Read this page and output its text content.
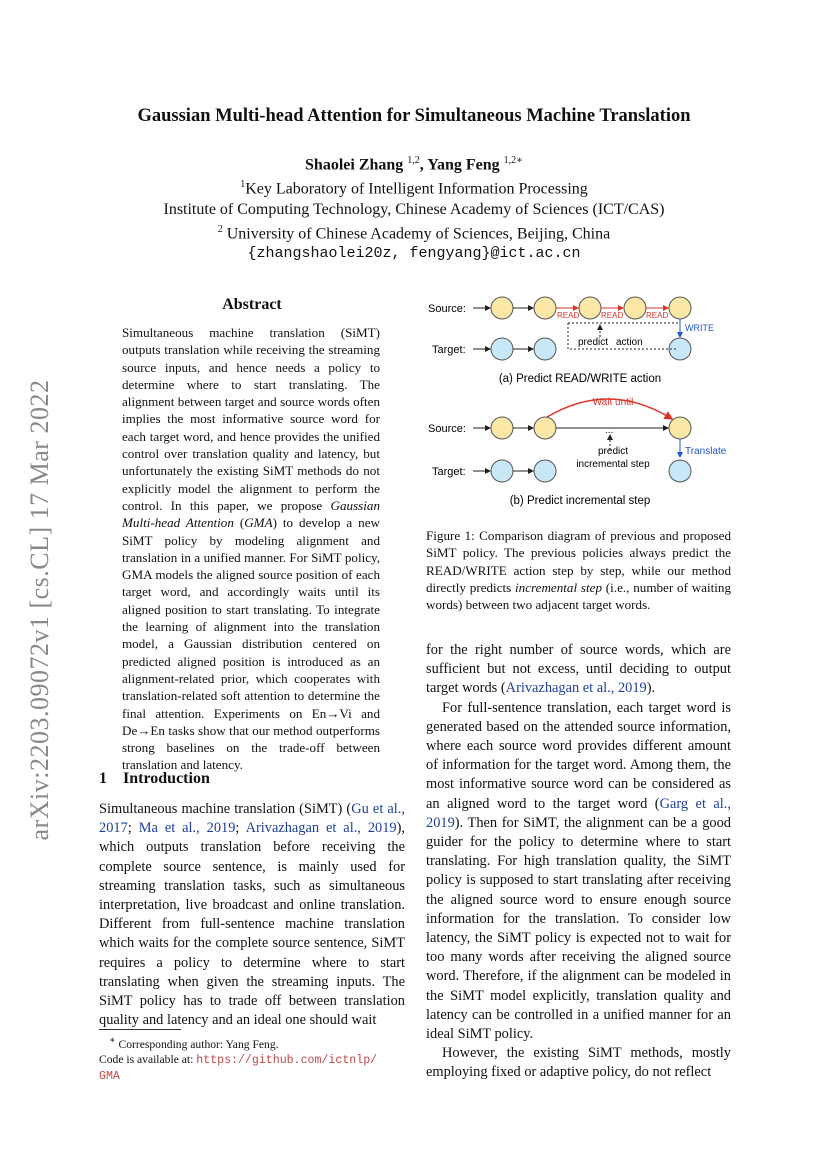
Gaussian Multi-head Attention for Simultaneous Machine Translation
Shaolei Zhang $^{1,2}$, Yang Feng $^{1,2∗}$
$^1$Key Laboratory of Intelligent Information Processing
Institute of Computing Technology, Chinese Academy of Sciences (ICT/CAS)
$^2$ University of Chinese Academy of Sciences, Beijing, China
{zhangshaolei20z, fengyang}@ict.ac.cn
arXiv:2203.09072v1 [cs.CL] 17 Mar 2022
Abstract
Simultaneous machine translation (SiMT) outputs translation while receiving the streaming source inputs, and hence needs a policy to determine where to start translating. The alignment between target and source words often implies the most informative source word for each target word, and hence provides the unified control over translation quality and latency, but unfortunately the existing SiMT methods do not explicitly model the alignment to perform the control. In this paper, we propose Gaussian Multi-head Attention (GMA) to develop a new SiMT policy by modeling alignment and translation in a unified manner. For SiMT policy, GMA models the aligned source position of each target word, and accordingly waits until its aligned position to start translating. To integrate the learning of alignment into the translation model, a Gaussian distribution centered on predicted aligned position is introduced as an alignment-related prior, which cooperates with translation-related soft attention to determine the final attention. Experiments on En→Vi and De→En tasks show that our method outperforms strong baselines on the trade-off between translation and latency.
1 Introduction
Simultaneous machine translation (SiMT) (Gu et al., 2017; Ma et al., 2019; Arivazhagan et al., 2019), which outputs translation before receiving the complete source sentence, is mainly used for streaming translation tasks, such as simultaneous interpretation, live broadcast and online translation. Different from full-sentence machine translation which waits for the complete source sentence, SiMT requires a policy to determine where to start translating when given the streaming inputs. The SiMT policy has to trade off between translation quality and latency and an ideal one should wait
∗ Corresponding author: Yang Feng.
Code is available at: https://github.com/ictnlp/
GMA
Source:
Target:
READ	READ	READ
WRITE
predict action
(a) Predict READ/WRITE action
Source:
Target:
Wait until
...
Translate
predict
incremental step
(b) Predict incremental step
Figure 1: Comparison diagram of previous and proposed SiMT policy. The previous policies always predict the READ/WRITE action step by step, while our method directly predicts incremental step (i.e., number of waiting words) between two adjacent target words.

for the right number of source words, which are sufficient but not excess, until deciding to output target words (Arivazhagan et al., 2019).

For full-sentence translation, each target word is generated based on the attended source information, where each source word provides different amount of information for the target word. Among them, the most informative source word can be considered as an aligned word to the target word (Garg et al., 2019). Then for SiMT, the alignment can be a good guider for the policy to determine where to start translating. For high translation quality, the SiMT policy is supposed to start translating after receiving the aligned source word to ensure enough source information for the translation. To consider low latency, the SiMT policy is expected not to wait for too many words after receiving the aligned source word. Therefore, if the alignment can be modeled in the SiMT model explicitly, translation quality and latency can be controlled in a unified manner for an ideal SiMT policy.

However, the existing SiMT methods, mostly employing fixed or adaptive policy, do not reflect
